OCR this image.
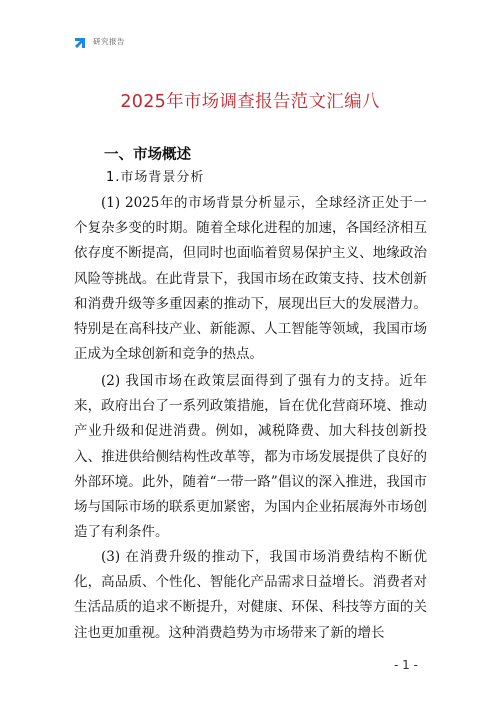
研究报告
2025年市场调查报告范文汇编八
一、市场概述
1.市场背景分析
(1) 2025年的市场背景分析显示，全球经济正处于一个复杂多变的时期。随着全球化进程的加速，各国经济相互依存度不断提高，但同时也面临着贸易保护主义、地缘政治风险等挑战。在此背景下，我国市场在政策支持、技术创新和消费升级等多重因素的推动下，展现出巨大的发展潜力。特别是在高科技产业、新能源、人工智能等领域，我国市场正成为全球创新和竞争的热点。
(2) 我国市场在政策层面得到了强有力的支持。近年来，政府出台了一系列政策措施，旨在优化营商环境、推动产业升级和促进消费。例如，减税降费、加大科技创新投入、推进供给侧结构性改革等，都为市场发展提供了良好的外部环境。此外，随着“一带一路”倡议的深入推进，我国市场与国际市场的联系更加紧密，为国内企业拓展海外市场创造了有利条件。
(3) 在消费升级的推动下，我国市场消费结构不断优化，高品质、个性化、智能化产品需求日益增长。消费者对生活品质的追求不断提升，对健康、环保、科技等方面的关注也更加重视。这种消费趋势为市场带来了新的增长
- 1 -
